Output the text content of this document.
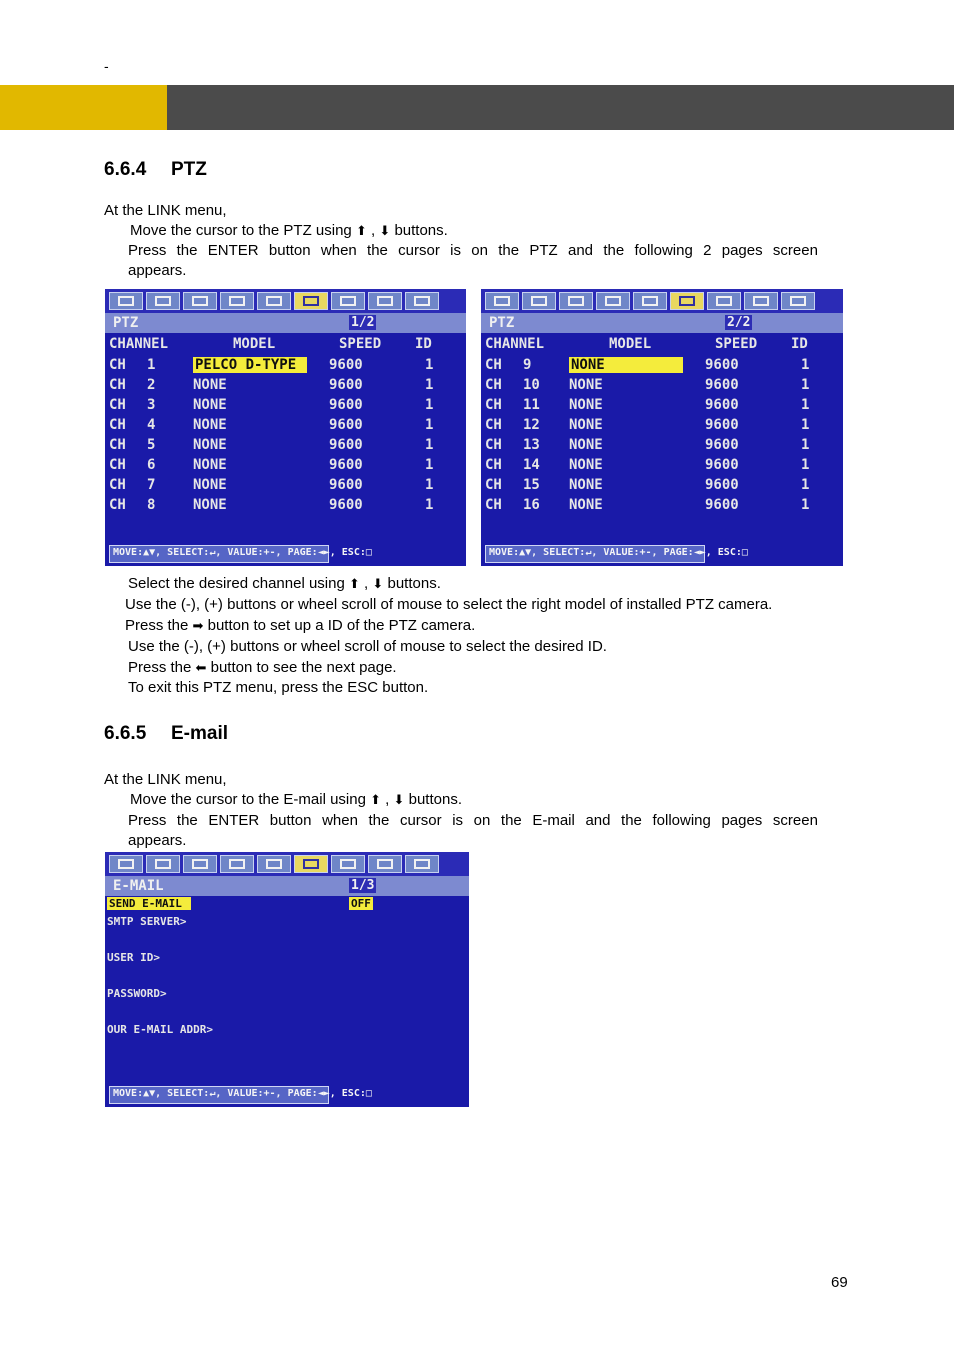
-
6.6.4 PTZ
At the LINK menu,
Move the cursor to the PTZ using ⬆ , ⬇ buttons.
Press the ENTER button when the cursor is on the PTZ and the following 2 pages screen
appears.
PTZ	1/2
CHANNEL	MODEL	SPEED ID
CH 1	PELCO D-TYPE	9600	1
CH 2	NONE	9600	1
CH 3	NONE	9600	1
CH 4	NONE	9600	1
CH 5	NONE	9600	1
CH 6	NONE	9600	1
CH 7	NONE	9600	1
CH 8	NONE	9600	1
MOVE:▲▼, SELECT:↵, VALUE:+-, PAGE:◄►, ESC:□
PTZ	2/2
CHANNEL	MODEL	SPEED ID
CH 9	NONE	9600	1
CH 10 NONE	9600	1
CH 11 NONE	9600	1
CH 12 NONE	9600	1
CH 13 NONE	9600	1
CH 14 NONE	9600	1
CH 15 NONE	9600	1
CH 16 NONE	9600	1
MOVE:▲▼, SELECT:↵, VALUE:+-, PAGE:◄►, ESC:□
Select the desired channel using ⬆ , ⬇ buttons.
Use the (-), (+) buttons or wheel scroll of mouse to select the right model of installed PTZ camera.
Press the ➡ button to set up a ID of the PTZ camera.
Use the (-), (+) buttons or wheel scroll of mouse to select the desired ID.
Press the ⬅ button to see the next page.
To exit this PTZ menu, press the ESC button.
6.6.5 E-mail
At the LINK menu,
Move the cursor to the E-mail using ⬆ , ⬇ buttons.
Press the ENTER button when the cursor is on the E-mail and the following pages screen
appears.
E-MAIL	1/3
SEND E-MAIL	OFF
SMTP SERVER>
USER ID>
PASSWORD>
OUR E-MAIL ADDR>
MOVE:▲▼, SELECT:↵, VALUE:+-, PAGE:◄►, ESC:□
69
